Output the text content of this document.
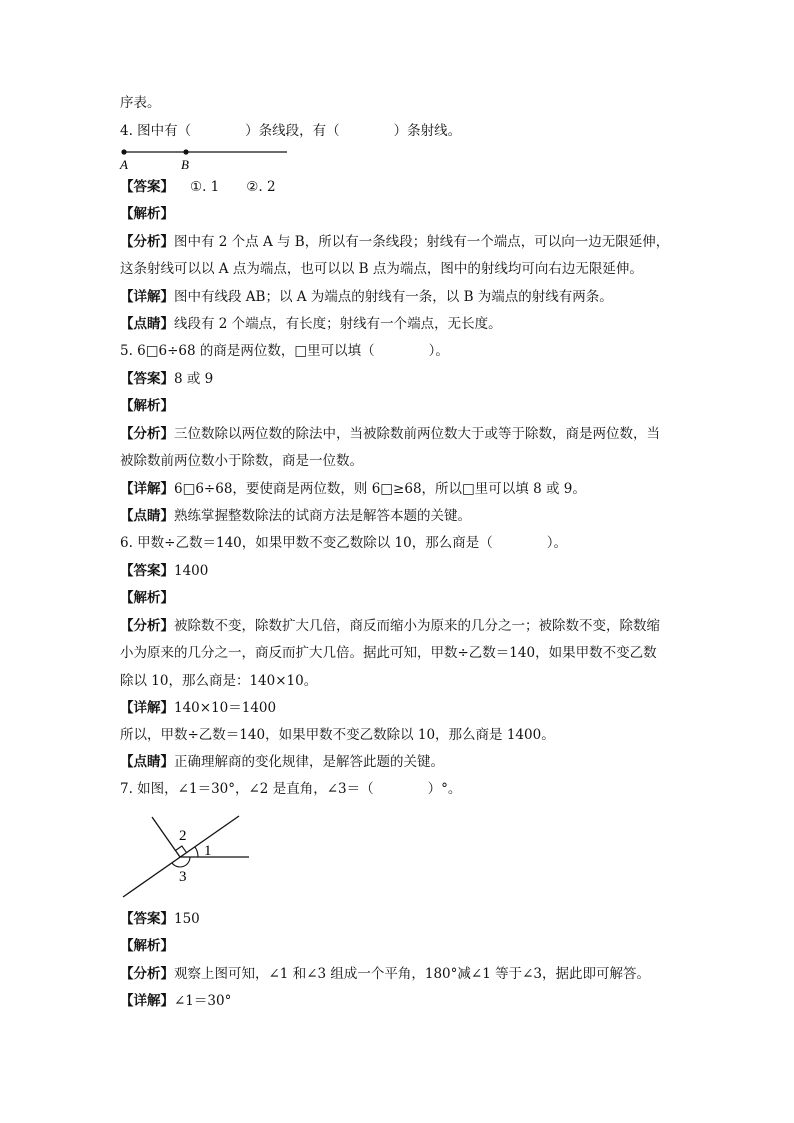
序表。
4. 图中有（　　　　）条线段，有（　　　　）条射线。
A	B
【答案】 ①. 1　　②. 2
【解析】
【分析】图中有 2 个点 A 与 B，所以有一条线段；射线有一个端点，可以向一边无限延伸，
这条射线可以以 A 点为端点，也可以以 B 点为端点，图中的射线均可向右边无限延伸。
【详解】图中有线段 AB；以 A 为端点的射线有一条，以 B 为端点的射线有两条。
【点睛】线段有 2 个端点，有长度；射线有一个端点，无长度。
5. 6□6÷68 的商是两位数，□里可以填（　　　　）。
【答案】8 或 9
【解析】
【分析】三位数除以两位数的除法中，当被除数前两位数大于或等于除数，商是两位数，当
被除数前两位数小于除数，商是一位数。
【详解】6□6÷68，要使商是两位数，则 6□≥68，所以□里可以填 8 或 9。
【点睛】熟练掌握整数除法的试商方法是解答本题的关键。
6. 甲数÷乙数＝140，如果甲数不变乙数除以 10，那么商是（　　　　）。
【答案】1400
【解析】
【分析】被除数不变，除数扩大几倍，商反而缩小为原来的几分之一；被除数不变，除数缩
小为原来的几分之一，商反而扩大几倍。据此可知，甲数÷乙数＝140，如果甲数不变乙数
除以 10，那么商是：140×10。
【详解】140×10＝1400
所以，甲数÷乙数＝140，如果甲数不变乙数除以 10，那么商是 1400。
【点睛】正确理解商的变化规律，是解答此题的关键。
7. 如图，∠1＝30°，∠2 是直角，∠3＝（　　　　）°。
2
1
3
【答案】150
【解析】
【分析】观察上图可知，∠1 和∠3 组成一个平角，180°减∠1 等于∠3，据此即可解答。
【详解】∠1＝30°
